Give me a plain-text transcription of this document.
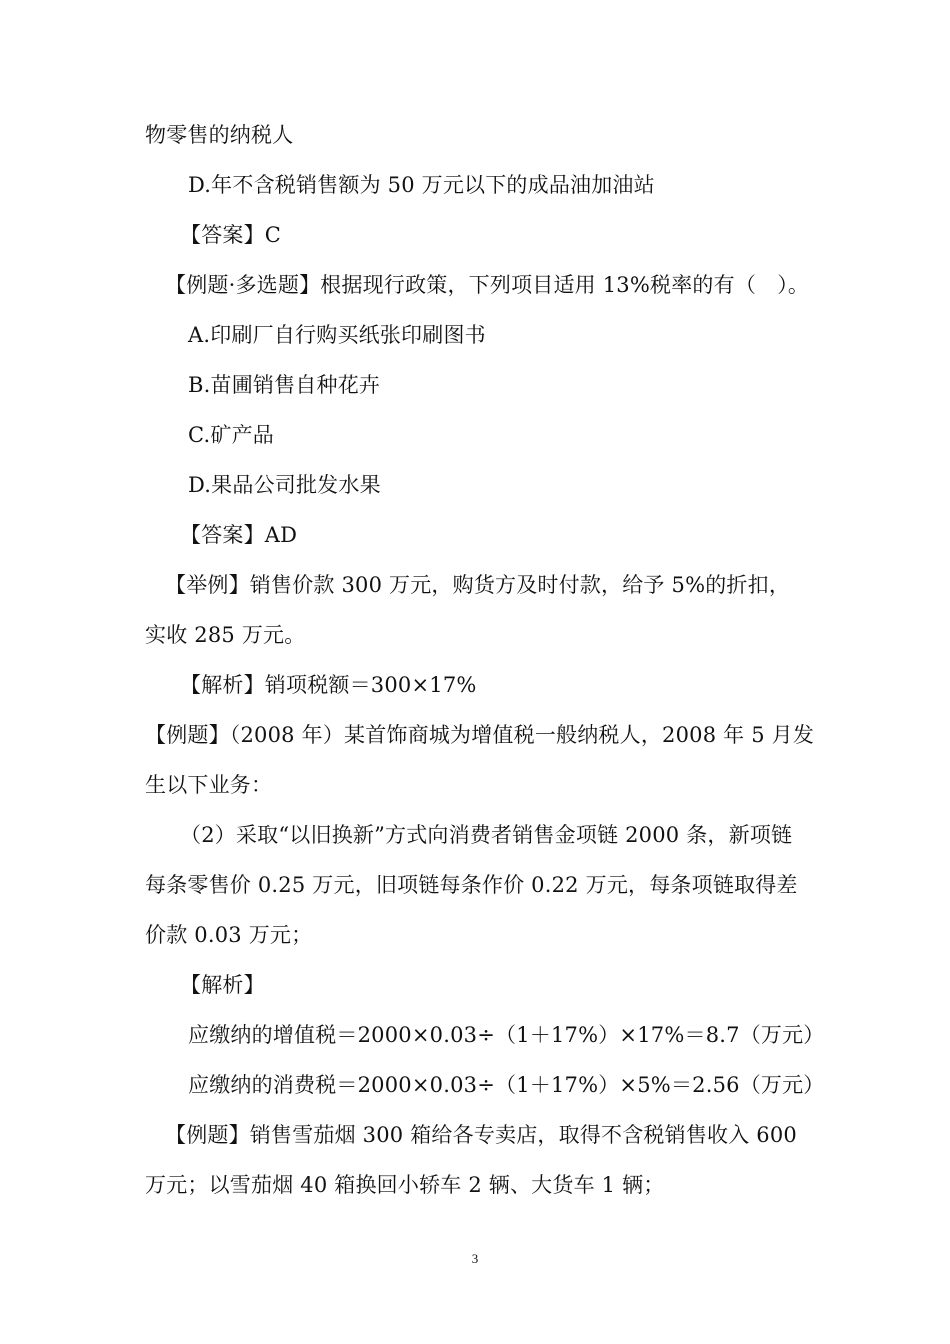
物零售的纳税人
D.年不含税销售额为 50 万元以下的成品油加油站
【答案】C
【例题·多选题】根据现行政策，下列项目适用 13%税率的有（　）。
A.印刷厂自行购买纸张印刷图书
B.苗圃销售自种花卉
C.矿产品
D.果品公司批发水果
【答案】AD
【举例】销售价款 300 万元，购货方及时付款，给予 5%的折扣，
实收 285 万元。
【解析】销项税额＝300×17%
【例题】（2008 年）某首饰商城为增值税一般纳税人，2008 年 5 月发
生以下业务：
（2）采取“以旧换新”方式向消费者销售金项链 2000 条，新项链
每条零售价 0.25 万元，旧项链每条作价 0.22 万元，每条项链取得差
价款 0.03 万元；
【解析】
应缴纳的增值税＝2000×0.03÷（1＋17%）×17%＝8.7（万元）
应缴纳的消费税＝2000×0.03÷（1＋17%）×5%＝2.56（万元）
【例题】销售雪茄烟 300 箱给各专卖店，取得不含税销售收入 600
万元；以雪茄烟 40 箱换回小轿车 2 辆、大货车 1 辆；
3
